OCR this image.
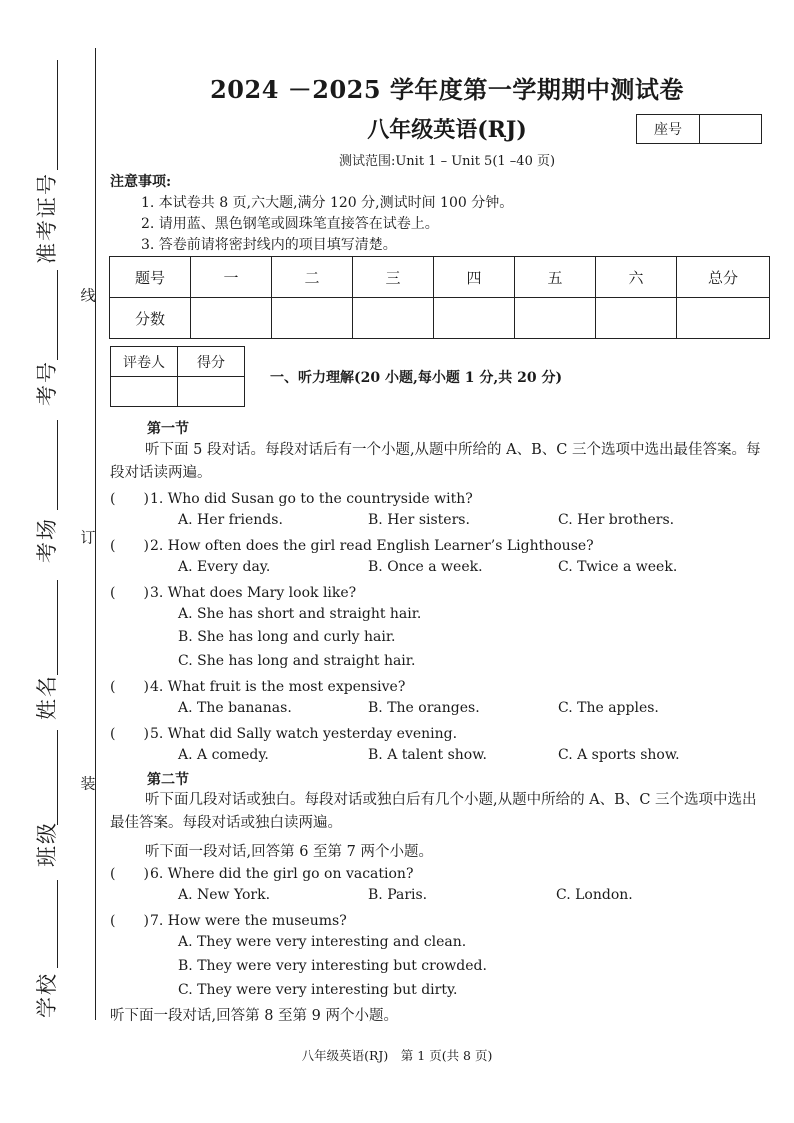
准考证号
考号
考场
姓名
班级
学校
线
订
装
2024 －2025 学年度第一学期期中测试卷
八年级英语(RJ)	座号
测试范围:Unit 1 – Unit 5(1 –40 页)
注意事项:
1. 本试卷共 8 页,六大题,满分 120 分,测试时间 100 分钟。
2. 请用蓝、黑色钢笔或圆珠笔直接答在试卷上。
3. 答卷前请将密封线内的项目填写清楚。
题号	一	二	三	四	五	六	总分
分数							
评卷人	得分

一、听力理解(20 小题,每小题 1 分,共 20 分)
第一节
听下面 5 段对话。每段对话后有一个小题,从题中所给的 A、B、C 三个选项中选出最佳答案。每段对话读两遍。
(　　)1. Who did Susan go to the countryside with?
A. Her friends.	B. Her sisters.	C. Her brothers.
(　　)2. How often does the girl read English Learner’s Lighthouse?
A. Every day.	B. Once a week.	C. Twice a week.
(　　)3. What does Mary look like?
A. She has short and straight hair.
B. She has long and curly hair.
C. She has long and straight hair.
(　　)4. What fruit is the most expensive?
A. The bananas.	B. The oranges.	C. The apples.
(　　)5. What did Sally watch yesterday evening.
A. A comedy.	B. A talent show.	C. A sports show.
第二节
听下面几段对话或独白。每段对话或独白后有几个小题,从题中所给的 A、B、C 三个选项中选出最佳答案。每段对话或独白读两遍。
听下面一段对话,回答第 6 至第 7 两个小题。
(　　)6. Where did the girl go on vacation?
A. New York.	B. Paris.	C. London.
(　　)7. How were the museums?
A. They were very interesting and clean.
B. They were very interesting but crowded.
C. They were very interesting but dirty.
听下面一段对话,回答第 8 至第 9 两个小题。
八年级英语(RJ)　第 1 页(共 8 页)
